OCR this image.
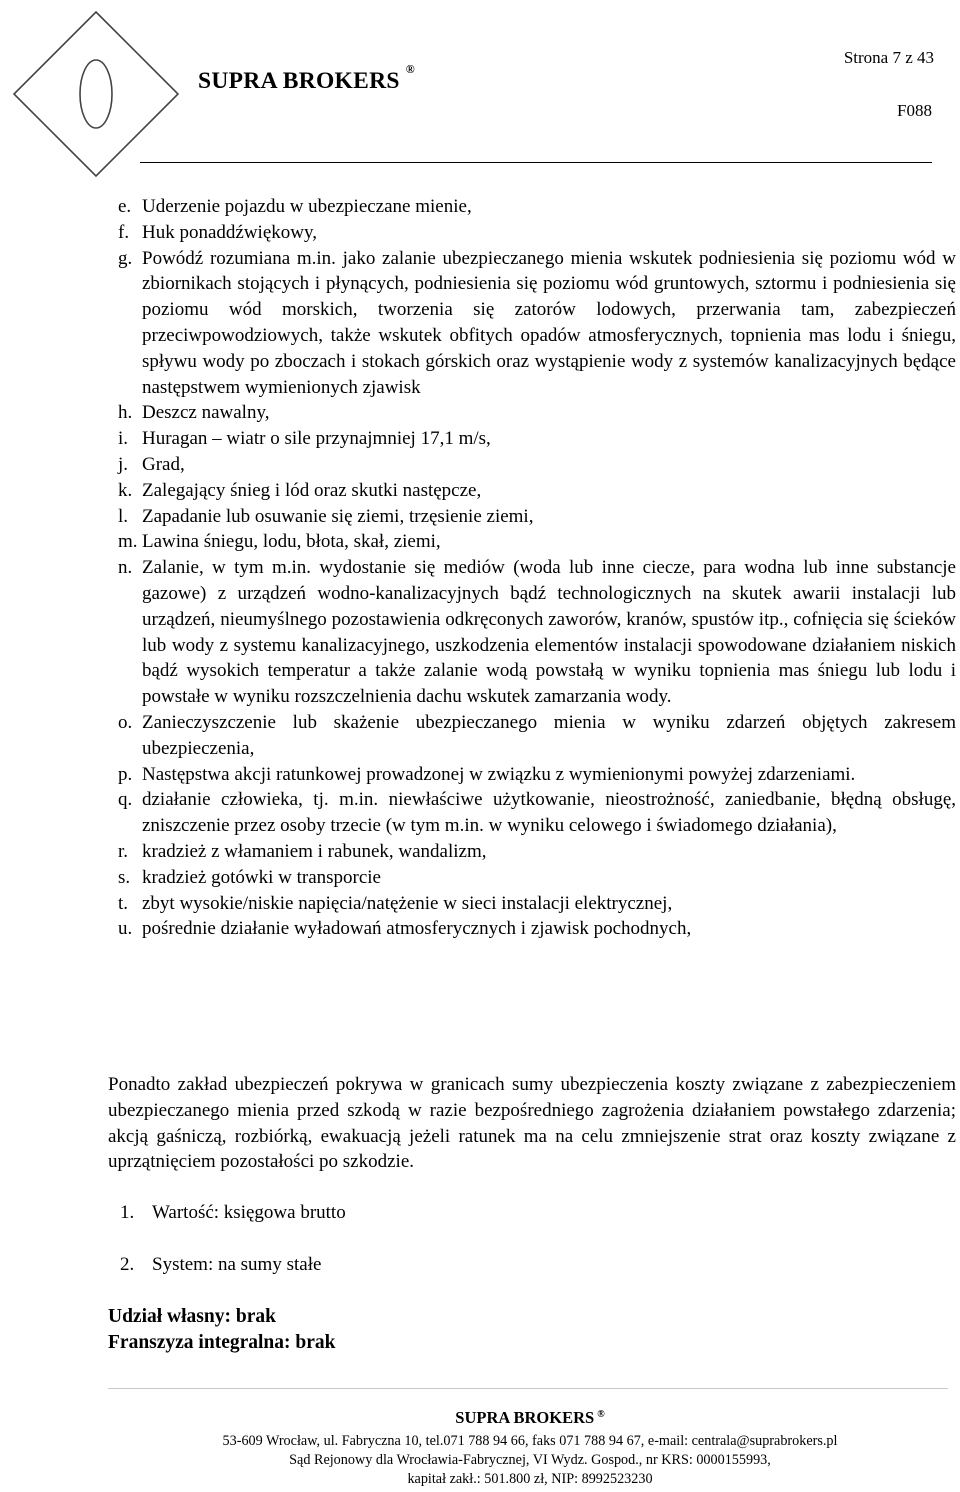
SUPRA BROKERS ®
Strona 7 z 43
F088
e. Uderzenie pojazdu w ubezpieczane mienie,
f. Huk ponaddźwiękowy,
g. Powódź rozumiana m.in. jako zalanie ubezpieczanego mienia wskutek podniesienia się poziomu wód w zbiornikach stojących i płynących, podniesienia się poziomu wód gruntowych, sztormu i podniesienia się poziomu wód morskich, tworzenia się zatorów lodowych, przerwania tam, zabezpieczeń przeciwpowodziowych, także wskutek obfitych opadów atmosferycznych, topnienia mas lodu i śniegu, spływu wody po zboczach i stokach górskich oraz wystąpienie wody z systemów kanalizacyjnych będące następstwem wymienionych zjawisk
h. Deszcz nawalny,
i. Huragan – wiatr o sile przynajmniej 17,1 m/s,
j. Grad,
k. Zalegający śnieg i lód oraz skutki następcze,
l. Zapadanie lub osuwanie się ziemi, trzęsienie ziemi,
m. Lawina śniegu, lodu, błota, skał, ziemi,
n. Zalanie, w tym m.in. wydostanie się mediów (woda lub inne ciecze, para wodna lub inne substancje gazowe) z urządzeń wodno-kanalizacyjnych bądź technologicznych na skutek awarii instalacji lub urządzeń, nieumyślnego pozostawienia odkręconych zaworów, kranów, spustów itp., cofnięcia się ścieków lub wody z systemu kanalizacyjnego, uszkodzenia elementów instalacji spowodowane działaniem niskich bądź wysokich temperatur a także zalanie wodą powstałą w wyniku topnienia mas śniegu lub lodu i powstałe w wyniku rozszczelnienia dachu wskutek zamarzania wody.
o. Zanieczyszczenie lub skażenie ubezpieczanego mienia w wyniku zdarzeń objętych zakresem ubezpieczenia,
p. Następstwa akcji ratunkowej prowadzonej w związku z wymienionymi powyżej zdarzeniami.
q. działanie człowieka, tj. m.in. niewłaściwe użytkowanie, nieostrożność, zaniedbanie, błędną obsługę, zniszczenie przez osoby trzecie (w tym m.in. w wyniku celowego i świadomego działania),
r. kradzież z włamaniem i rabunek, wandalizm,
s. kradzież gotówki w transporcie
t. zbyt wysokie/niskie napięcia/natężenie w sieci instalacji elektrycznej,
u. pośrednie działanie wyładowań atmosferycznych i zjawisk pochodnych,

Ponadto zakład ubezpieczeń pokrywa w granicach sumy ubezpieczenia koszty związane z zabezpieczeniem ubezpieczanego mienia przed szkodą w razie bezpośredniego zagrożenia działaniem powstałego zdarzenia; akcją gaśniczą, rozbiórką, ewakuacją jeżeli ratunek ma na celu zmniejszenie strat oraz koszty związane z uprzątnięciem pozostałości po szkodzie.

1. Wartość: księgowa brutto
2. System: na sumy stałe
Udział własny: brak
Franszyza integralna: brak
SUPRA BROKERS ®
53-609 Wrocław, ul. Fabryczna 10, tel.071 788 94 66, faks 071 788 94 67, e-mail: centrala@suprabrokers.pl
Sąd Rejonowy dla Wrocławia-Fabrycznej, VI Wydz. Gospod., nr KRS: 0000155993,
kapitał zakł.: 501.800 zł, NIP: 8992523230
